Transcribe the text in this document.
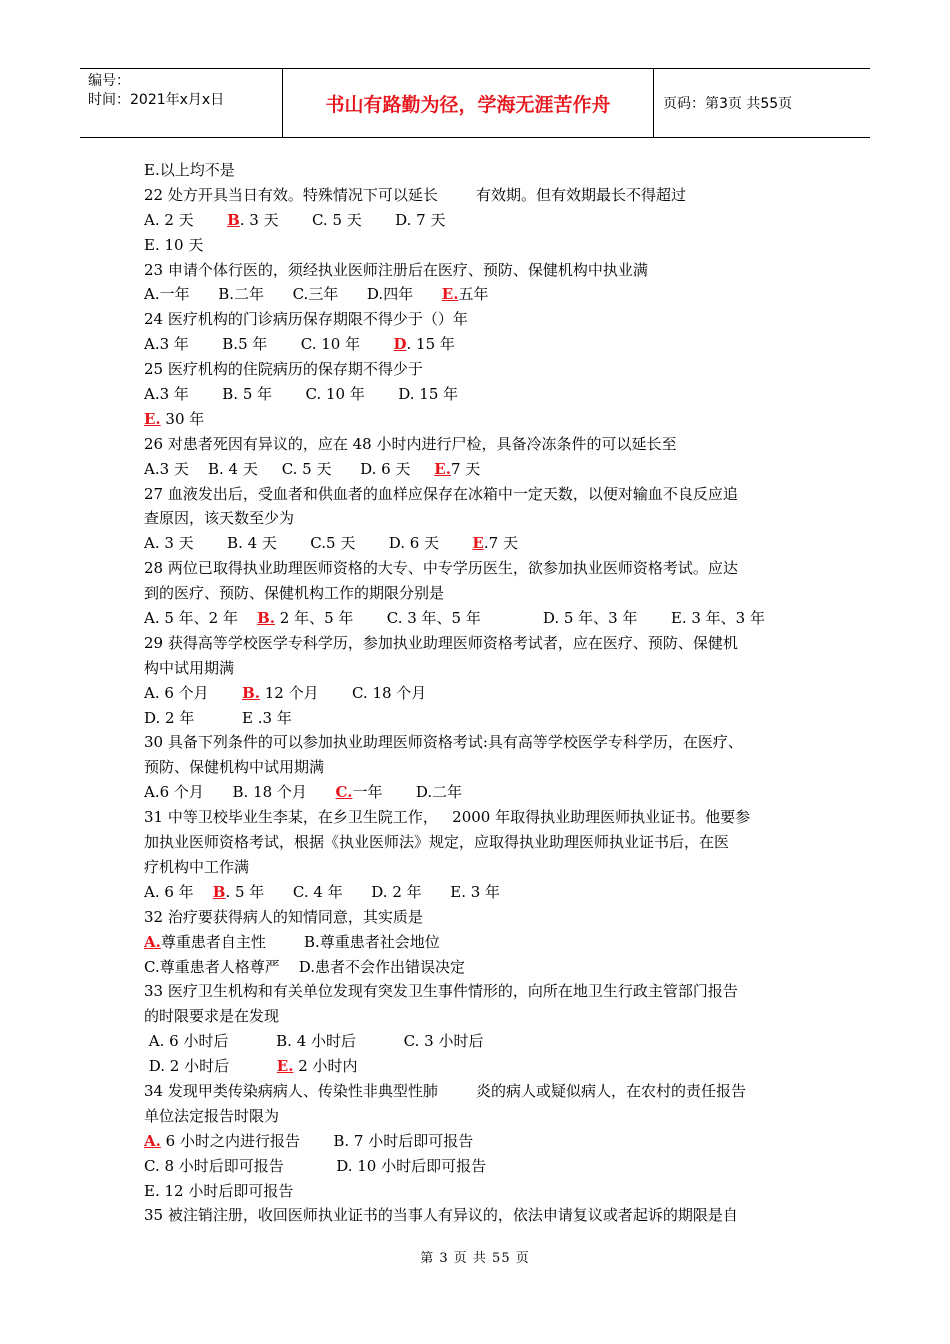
编号：
时间：2021年x月x日	书山有路勤为径，学海无涯苦作舟	页码：第3页 共55页
E.以上均不是
22 处方开具当日有效。特殊情况下可以延长        有效期。但有效期最长不得超过
A. 2 天       B. 3 天       C. 5 天       D. 7 天
E. 10 天
23 申请个体行医的，须经执业医师注册后在医疗、预防、保健机构中执业满
A.一年      B.二年      C.三年      D.四年      E.五年
24 医疗机构的门诊病历保存期限不得少于（）年
A.3 年       B.5 年       C. 10 年       D. 15 年
25 医疗机构的住院病历的保存期不得少于
A.3 年       B. 5 年       C. 10 年       D. 15 年
E. 30 年
26 对患者死因有异议的，应在 48 小时内进行尸检，具备冷冻条件的可以延长至
A.3 天    B. 4 天     C. 5 天      D. 6 天     E.7 天
27 血液发出后，受血者和供血者的血样应保存在冰箱中一定天数，以便对输血不良反应追
查原因，该天数至少为
A. 3 天       B. 4 天       C.5 天       D. 6 天       E.7 天
28 两位已取得执业助理医师资格的大专、中专学历医生，欲参加执业医师资格考试。应达
到的医疗、预防、保健机构工作的期限分别是
A. 5 年、2 年    B. 2 年、5 年       C. 3 年、5 年             D. 5 年、3 年       E. 3 年、3 年
29 获得高等学校医学专科学历，参加执业助理医师资格考试者，应在医疗、预防、保健机
构中试用期满
A. 6 个月       B. 12 个月       C. 18 个月
D. 2 年          E .3 年
30 具备下列条件的可以参加执业助理医师资格考试:具有高等学校医学专科学历，在医疗、
预防、保健机构中试用期满
A.6 个月      B. 18 个月      C.一年       D.二年
31 中等卫校毕业生李某，在乡卫生院工作，   2000 年取得执业助理医师执业证书。他要参
加执业医师资格考试，根据《执业医师法》规定，应取得执业助理医师执业证书后，在医
疗机构中工作满
A. 6 年    B. 5 年      C. 4 年      D. 2 年      E. 3 年
32 治疗要获得病人的知情同意，其实质是
A.尊重患者自主性        B.尊重患者社会地位
C.尊重患者人格尊严    D.患者不会作出错误决定
33 医疗卫生机构和有关单位发现有突发卫生事件情形的，向所在地卫生行政主管部门报告
的时限要求是在发现
A. 6 小时后          B. 4 小时后          C. 3 小时后
D. 2 小时后          E. 2 小时内
34 发现甲类传染病病人、传染性非典型性肺        炎的病人或疑似病人，在农村的责任报告
单位法定报告时限为
A. 6 小时之内进行报告       B. 7 小时后即可报告
C. 8 小时后即可报告           D. 10 小时后即可报告
E. 12 小时后即可报告
35 被注销注册，收回医师执业证书的当事人有异议的，依法申请复议或者起诉的期限是自
第 3 页 共 55 页
